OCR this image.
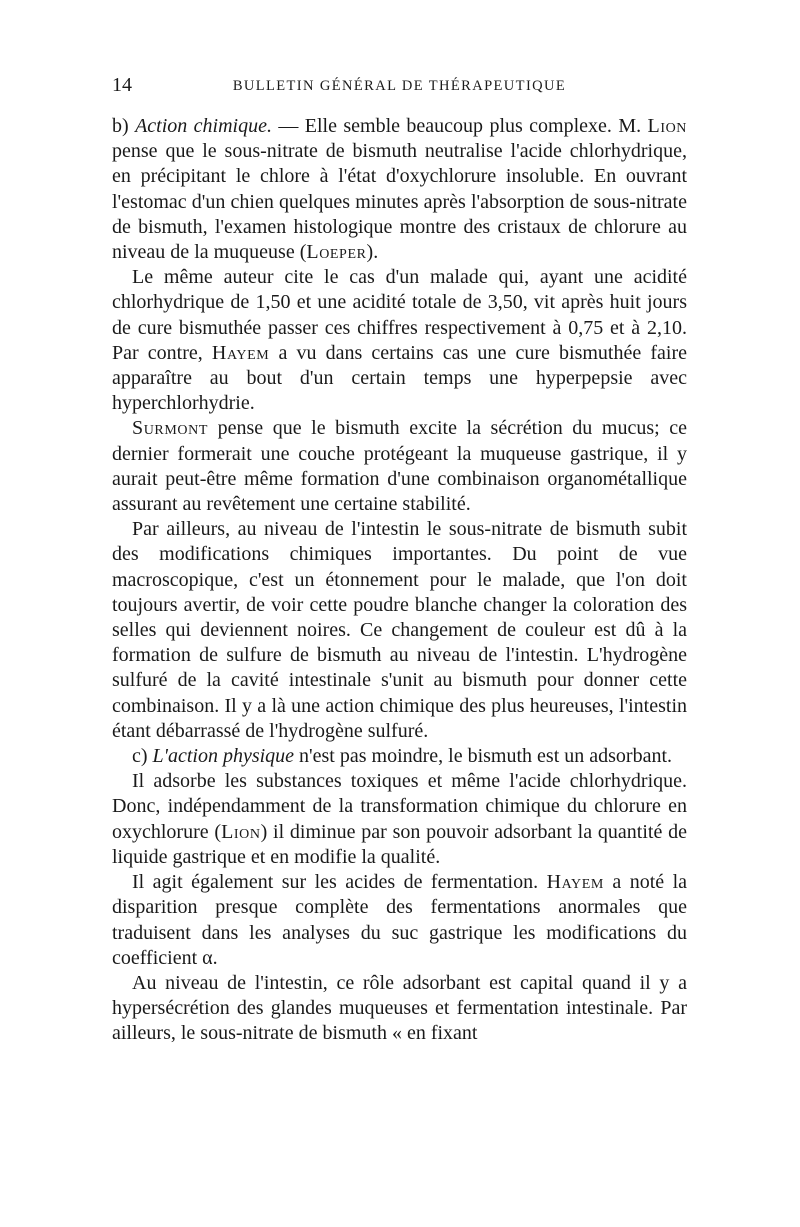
14	BULLETIN GÉNÉRAL DE THÉRAPEUTIQUE

b) Action chimique. — Elle semble beaucoup plus complexe. M. Lion pense que le sous-nitrate de bismuth neutralise l'acide chlorhydrique, en précipitant le chlore à l'état d'oxychlorure insoluble. En ouvrant l'estomac d'un chien quelques minutes après l'absorption de sous-nitrate de bismuth, l'examen histologique montre des cristaux de chlorure au niveau de la muqueuse (Loeper).

Le même auteur cite le cas d'un malade qui, ayant une acidité chlorhydrique de 1,50 et une acidité totale de 3,50, vit après huit jours de cure bismuthée passer ces chiffres respectivement à 0,75 et à 2,10. Par contre, Hayem a vu dans certains cas une cure bismuthée faire apparaître au bout d'un certain temps une hyperpepsie avec hyperchlorhydrie.

Surmont pense que le bismuth excite la sécrétion du mucus; ce dernier formerait une couche protégeant la muqueuse gastrique, il y aurait peut-être même formation d'une combinaison organométallique assurant au revêtement une certaine stabilité.

Par ailleurs, au niveau de l'intestin le sous-nitrate de bismuth subit des modifications chimiques importantes. Du point de vue macroscopique, c'est un étonnement pour le malade, que l'on doit toujours avertir, de voir cette poudre blanche changer la coloration des selles qui deviennent noires. Ce changement de couleur est dû à la formation de sulfure de bismuth au niveau de l'intestin. L'hydrogène sulfuré de la cavité intestinale s'unit au bismuth pour donner cette combinaison. Il y a là une action chimique des plus heureuses, l'intestin étant débarrassé de l'hydrogène sulfuré.

c) L'action physique n'est pas moindre, le bismuth est un adsorbant.

Il adsorbe les substances toxiques et même l'acide chlorhydrique. Donc, indépendamment de la transformation chimique du chlorure en oxychlorure (Lion) il diminue par son pouvoir adsorbant la quantité de liquide gastrique et en modifie la qualité.

Il agit également sur les acides de fermentation. Hayem a noté la disparition presque complète des fermentations anormales que traduisent dans les analyses du suc gastrique les modifications du coefficient α.

Au niveau de l'intestin, ce rôle adsorbant est capital quand il y a hypersécrétion des glandes muqueuses et fermentation intestinale. Par ailleurs, le sous-nitrate de bismuth « en fixant
